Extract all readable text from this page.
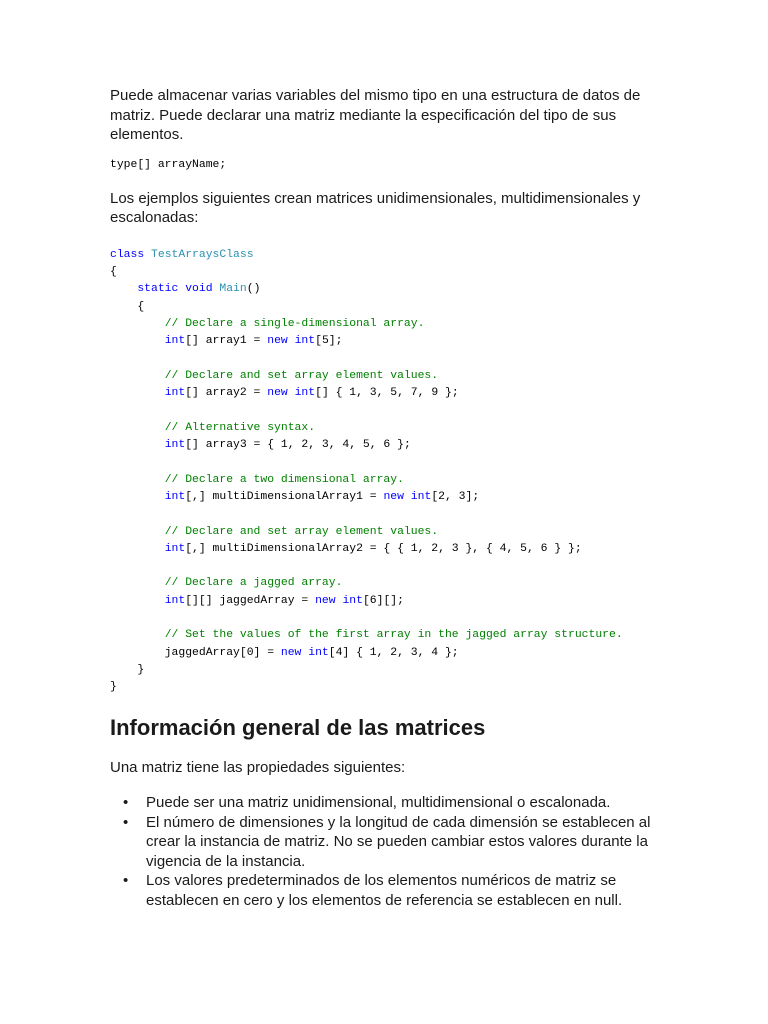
Puede almacenar varias variables del mismo tipo en una estructura de datos de matriz. Puede declarar una matriz mediante la especificación del tipo de sus elementos.

type[] arrayName;

Los ejemplos siguientes crean matrices unidimensionales, multidimensionales y escalonadas:

class TestArraysClass
{
static void Main()
{
// Declare a single-dimensional array.
int[] array1 = new int[5];

// Declare and set array element values.
int[] array2 = new int[] { 1, 3, 5, 7, 9 };

// Alternative syntax.
int[] array3 = { 1, 2, 3, 4, 5, 6 };

// Declare a two dimensional array.
int[,] multiDimensionalArray1 = new int[2, 3];

// Declare and set array element values.
int[,] multiDimensionalArray2 = { { 1, 2, 3 }, { 4, 5, 6 } };

// Declare a jagged array.
int[][] jaggedArray = new int[6][];

// Set the values of the first array in the jagged array structure.
jaggedArray[0] = new int[4] { 1, 2, 3, 4 };
}
}
Información general de las matrices

Una matriz tiene las propiedades siguientes:

• Puede ser una matriz unidimensional, multidimensional o escalonada.
• El número de dimensiones y la longitud de cada dimensión se establecen al crear la instancia de matriz. No se pueden cambiar estos valores durante la vigencia de la instancia.
• Los valores predeterminados de los elementos numéricos de matriz se establecen en cero y los elementos de referencia se establecen en null.
